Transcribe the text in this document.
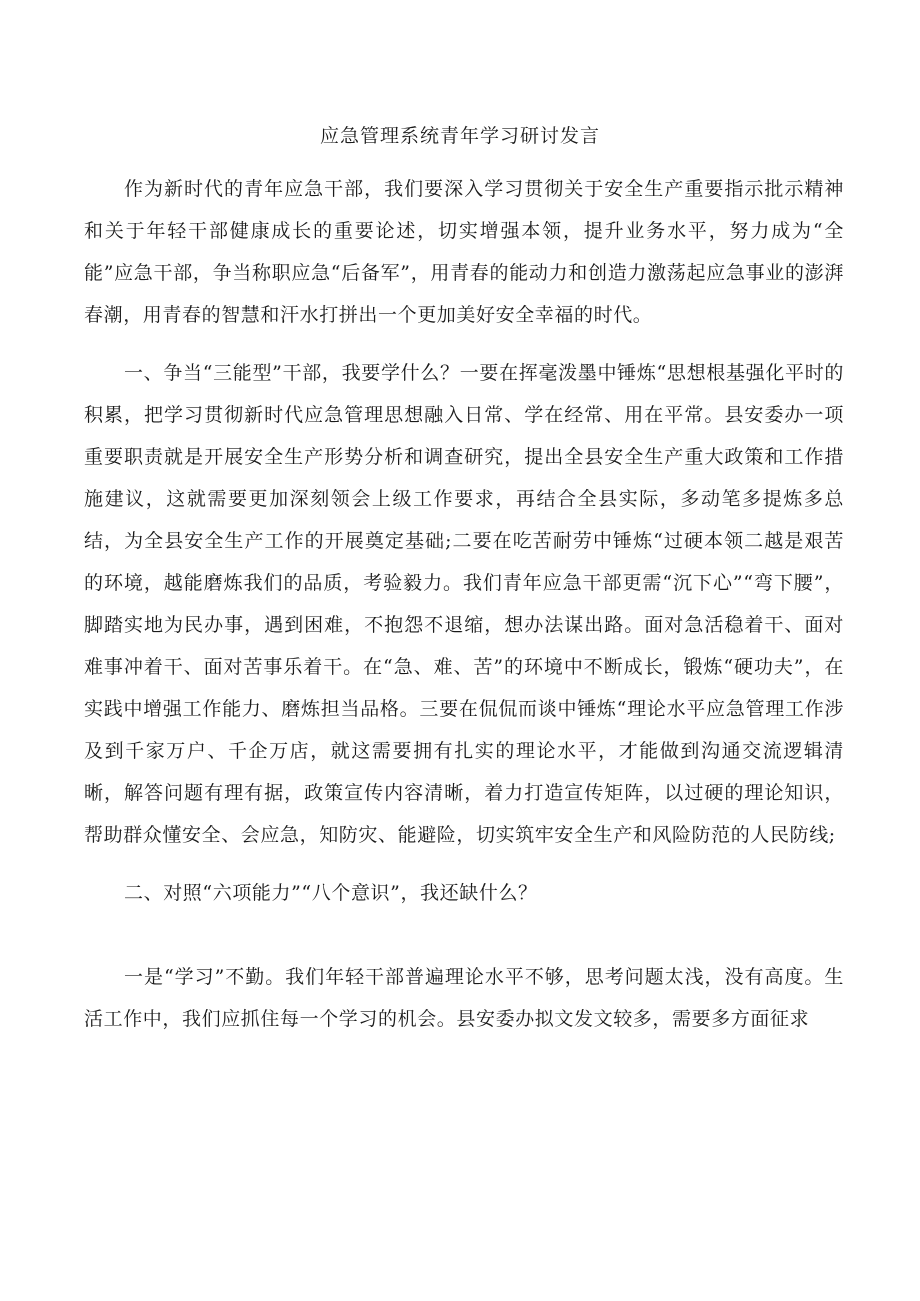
应急管理系统青年学习研讨发言

作为新时代的青年应急干部，我们要深入学习贯彻关于安全生产重要指示批示精神和关于年轻干部健康成长的重要论述，切实增强本领，提升业务水平，努力成为“全能”应急干部，争当称职应急“后备军”，用青春的能动力和创造力激荡起应急事业的澎湃春潮，用青春的智慧和汗水打拼出一个更加美好安全幸福的时代。

一、争当“三能型”干部，我要学什么？一要在挥毫泼墨中锤炼“思想根基强化平时的积累，把学习贯彻新时代应急管理思想融入日常、学在经常、用在平常。县安委办一项重要职责就是开展安全生产形势分析和调查研究，提出全县安全生产重大政策和工作措施建议，这就需要更加深刻领会上级工作要求，再结合全县实际，多动笔多提炼多总结，为全县安全生产工作的开展奠定基础;二要在吃苦耐劳中锤炼“过硬本领二越是艰苦的环境，越能磨炼我们的品质，考验毅力。我们青年应急干部更需“沉下心”“弯下腰”，脚踏实地为民办事，遇到困难，不抱怨不退缩，想办法谋出路。面对急活稳着干、面对难事冲着干、面对苦事乐着干。在“急、难、苦”的环境中不断成长，锻炼“硬功夫”，在实践中增强工作能力、磨炼担当品格。三要在侃侃而谈中锤炼“理论水平应急管理工作涉及到千家万户、千企万店，就这需要拥有扎实的理论水平，才能做到沟通交流逻辑清晰，解答问题有理有据，政策宣传内容清晰，着力打造宣传矩阵，以过硬的理论知识，帮助群众懂安全、会应急，知防灾、能避险，切实筑牢安全生产和风险防范的人民防线;

二、对照“六项能力”“八个意识”，我还缺什么？

一是“学习”不勤。我们年轻干部普遍理论水平不够，思考问题太浅，没有高度。生活工作中，我们应抓住每一个学习的机会。县安委办拟文发文较多，需要多方面征求
